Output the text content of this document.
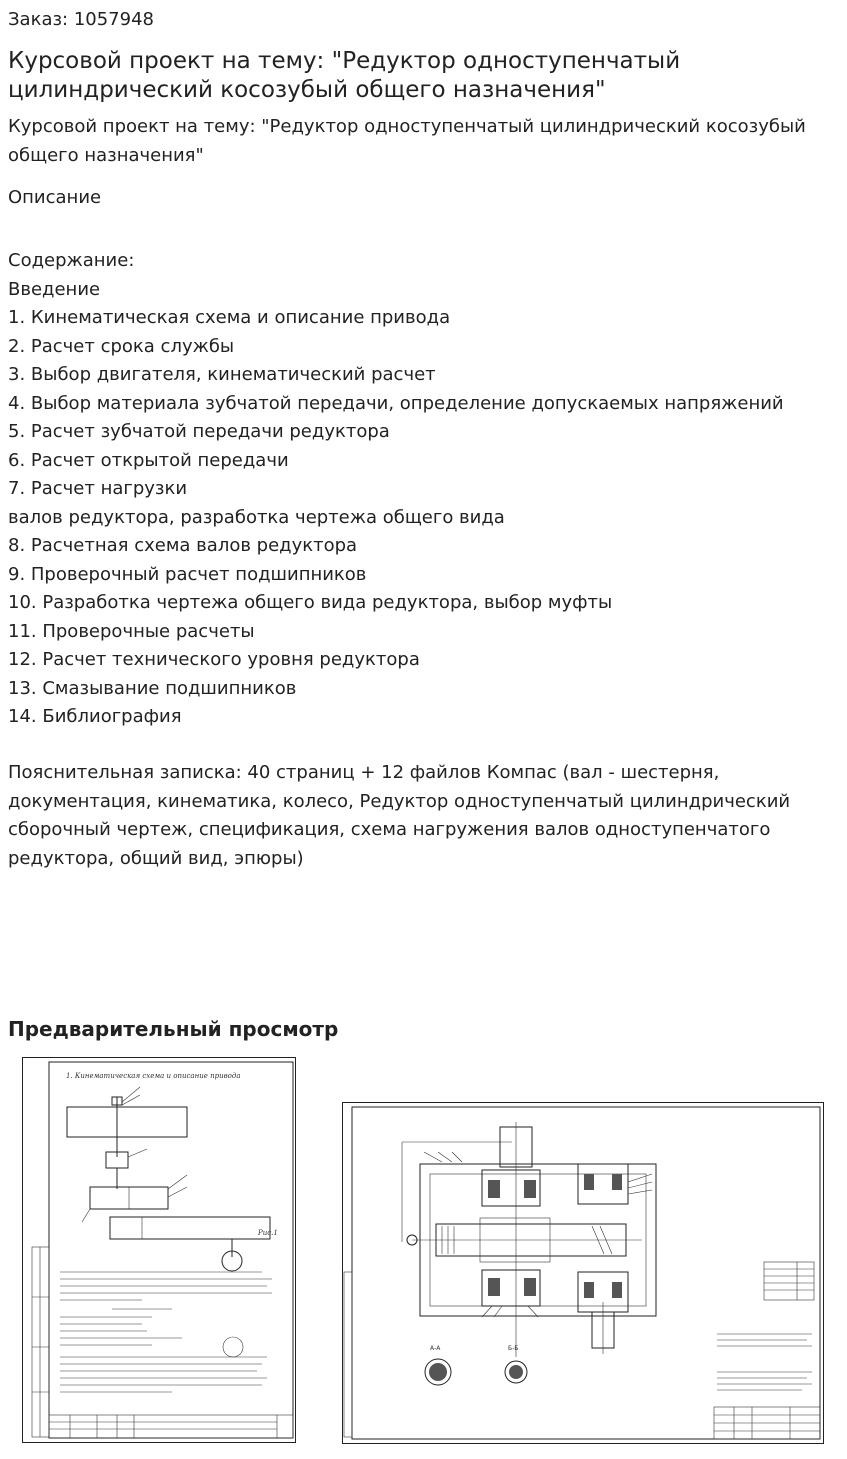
Заказ: 1057948
Курсовой проект на тему: "Редуктор одноступенчатый цилиндрический косозубый общего назначения"
Курсовой проект на тему: "Редуктор одноступенчатый цилиндрический косозубый общего назначения"
Описание
Содержание:
Введение
1. Кинематическая схема и описание привода
2. Расчет срока службы
3. Выбор двигателя, кинематический расчет
4. Выбор материала зубчатой передачи, определение допускаемых напряжений
5. Расчет зубчатой передачи редуктора
6. Расчет открытой передачи
7. Расчет нагрузки
валов редуктора, разработка чертежа общего вида
8. Расчетная схема валов редуктора
9. Проверочный расчет подшипников
10. Разработка чертежа общего вида редуктора, выбор муфты
11. Проверочные расчеты
12. Расчет технического уровня редуктора
13. Смазывание подшипников
14. Библиография
Пояснительная записка: 40 страниц + 12 файлов Компас (вал - шестерня, документация, кинематика, колесо, Редуктор одноступенчатый цилиндрический сборочный чертеж, спецификация, схема нагружения валов одноступенчатого редуктора, общий вид, эпюры)
Предварительный просмотр
1. Кинематическая схема и описание привода
Рис.1
А-А	Б-Б
